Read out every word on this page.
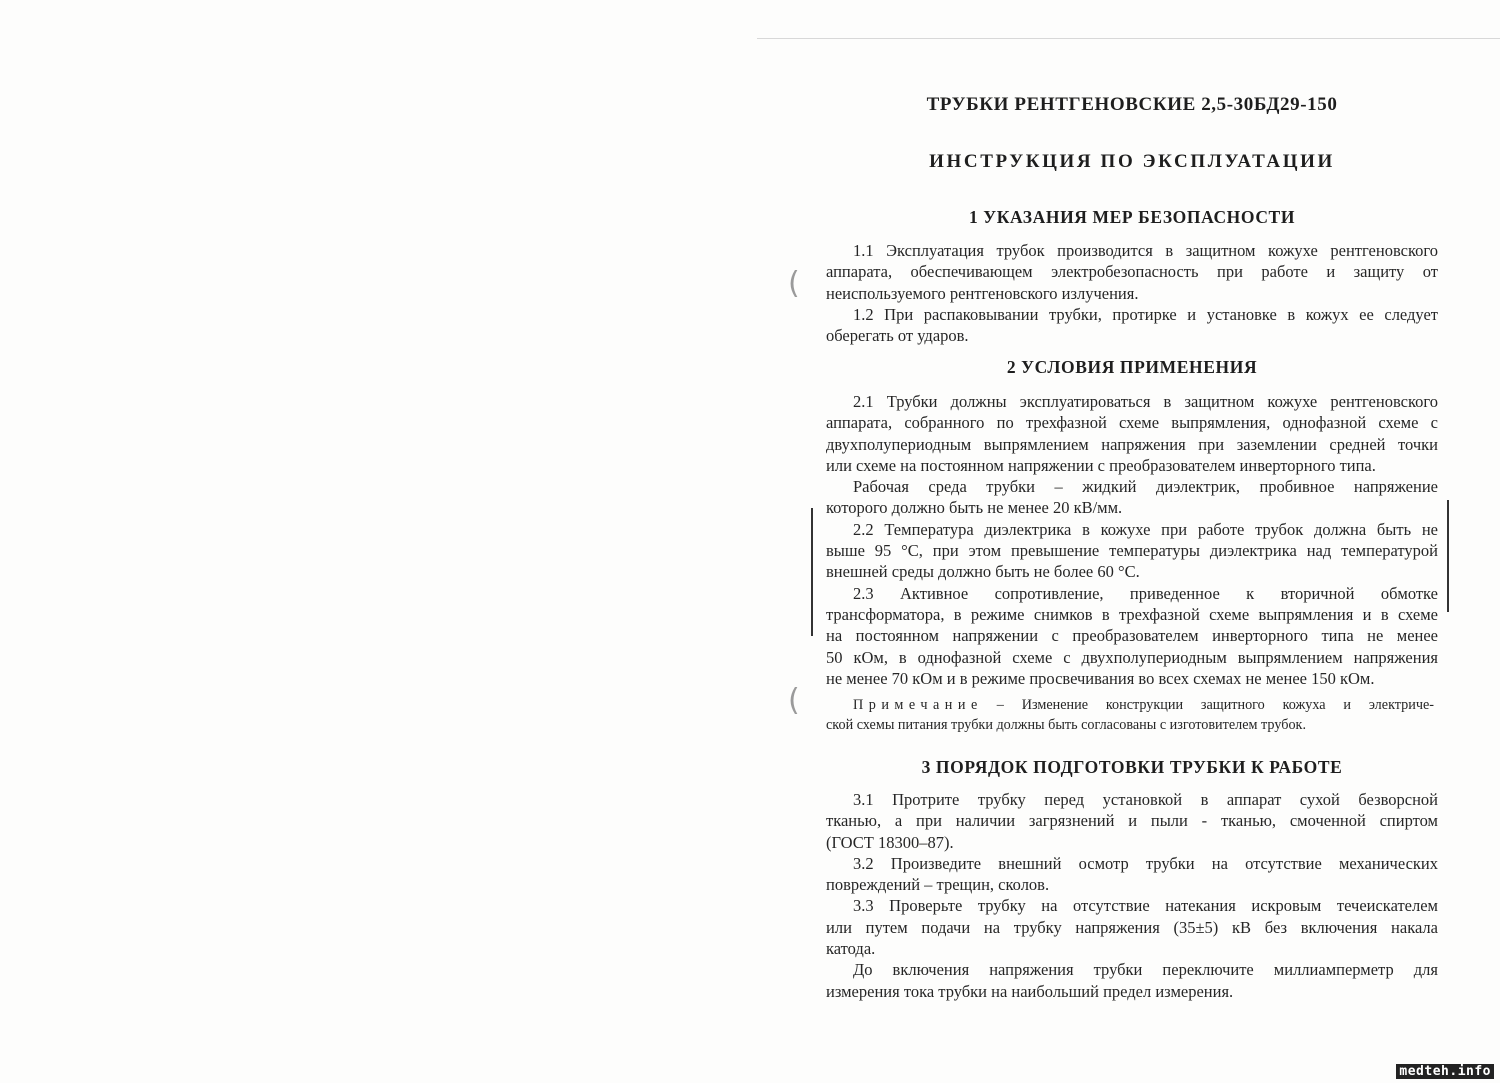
ТРУБКИ РЕНТГЕНОВСКИЕ 2,5-30БД29-150
ИНСТРУКЦИЯ ПО ЭКСПЛУАТАЦИИ
1 УКАЗАНИЯ МЕР БЕЗОПАСНОСТИ
1.1 Эксплуатация трубок производится в защитном кожухе рентгеновского
аппарата, обеспечивающем электробезопасность при работе и защиту от
неиспользуемого рентгеновского излучения.
1.2 При распаковывании трубки, протирке и установке в кожух ее следует
оберегать от ударов.
2 УСЛОВИЯ ПРИМЕНЕНИЯ
2.1 Трубки должны эксплуатироваться в защитном кожухе рентгеновского
аппарата, собранного по трехфазной схеме выпрямления, однофазной схеме с
двухполупериодным выпрямлением напряжения при заземлении средней точки
или схеме на постоянном напряжении с преобразователем инверторного типа.
Рабочая среда трубки – жидкий диэлектрик, пробивное напряжение
которого должно быть не менее 20 кВ/мм.
2.2 Температура диэлектрика в кожухе при работе трубок должна быть не
выше 95 °С, при этом превышение температуры диэлектрика над температурой
внешней среды должно быть не более 60 °С.
2.3 Активное сопротивление, приведенное к вторичной обмотке
трансформатора, в режиме снимков в трехфазной схеме выпрямления и в схеме
на постоянном напряжении с преобразователем инверторного типа не менее
50 кОм, в однофазной схеме с двухполупериодным выпрямлением напряжения
не менее 70 кОм и в режиме просвечивания во всех схемах не менее 150 кОм.
Примечание – Изменение конструкции защитного кожуха и электриче-
ской схемы питания трубки должны быть согласованы с изготовителем трубок.
3 ПОРЯДОК ПОДГОТОВКИ ТРУБКИ К РАБОТЕ
3.1 Протрите трубку перед установкой в аппарат сухой безворсной
тканью, а при наличии загрязнений и пыли - тканью, смоченной спиртом
(ГОСТ 18300–87).
3.2 Произведите внешний осмотр трубки на отсутствие механических
повреждений – трещин, сколов.
3.3 Проверьте трубку на отсутствие натекания искровым течеискателем
или путем подачи на трубку напряжения (35±5) кВ без включения накала
катода.
До включения напряжения трубки переключите миллиамперметр для
измерения тока трубки на наибольший предел измерения.
(
(
medteh.info
